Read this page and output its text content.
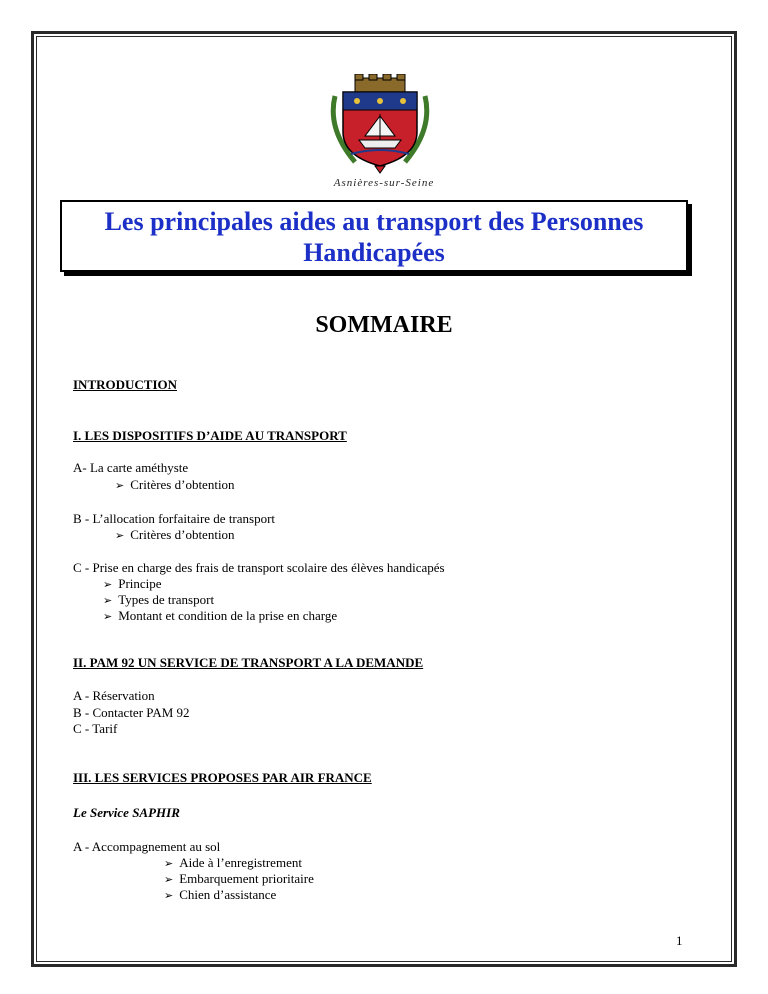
Asnières-sur-Seine
Les principales aides au transport des Personnes
Handicapées
SOMMAIRE
INTRODUCTION
I. LES DISPOSITIFS D’AIDE AU TRANSPORT
A- La carte améthyste
➢ Critères d’obtention
B - L’allocation forfaitaire de transport
➢ Critères d’obtention
C - Prise en charge des frais de transport scolaire des élèves handicapés
➢ Principe
➢ Types de transport
➢ Montant et condition de la prise en charge
II. PAM 92 UN SERVICE DE TRANSPORT A LA DEMANDE
A - Réservation
B - Contacter PAM 92
C - Tarif
III. LES SERVICES PROPOSES PAR AIR FRANCE
Le Service SAPHIR
A - Accompagnement au sol
➢ Aide à l’enregistrement
➢ Embarquement prioritaire
➢ Chien d’assistance
1
